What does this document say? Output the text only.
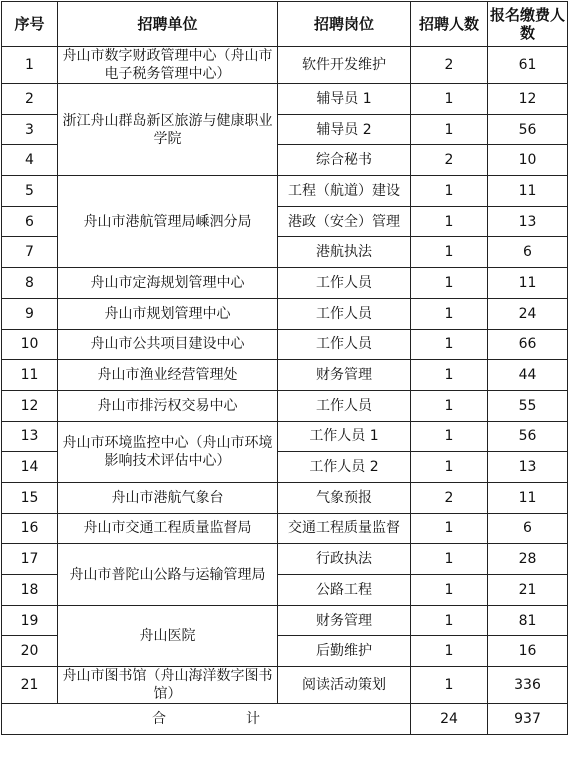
序号	招聘单位	招聘岗位	招聘人数	报名缴费人数
1	舟山市数字财政管理中心（舟山市电子税务管理中心）	软件开发维护	2	61
2	浙江舟山群岛新区旅游与健康职业学院	辅导员 1	1	12
3		辅导员 2	1	56
4		综合秘书	2	10
5	舟山市港航管理局嵊泗分局	工程（航道）建设	1	11
6		港政（安全）管理	1	13
7		港航执法	1	6
8	舟山市定海规划管理中心	工作人员	1	11
9	舟山市规划管理中心	工作人员	1	24
10	舟山市公共项目建设中心	工作人员	1	66
11	舟山市渔业经营管理处	财务管理	1	44
12	舟山市排污权交易中心	工作人员	1	55
13	舟山市环境监控中心（舟山市环境影响技术评估中心）	工作人员 1	1	56
14		工作人员 2	1	13
15	舟山市港航气象台	气象预报	2	11
16	舟山市交通工程质量监督局	交通工程质量监督	1	6
17	舟山市普陀山公路与运输管理局	行政执法	1	28
18		公路工程	1	21
19	舟山医院	财务管理	1	81
20		后勤维护	1	16
21	舟山市图书馆（舟山海洋数字图书馆）	阅读活动策划	1	336
合 计			24	937
